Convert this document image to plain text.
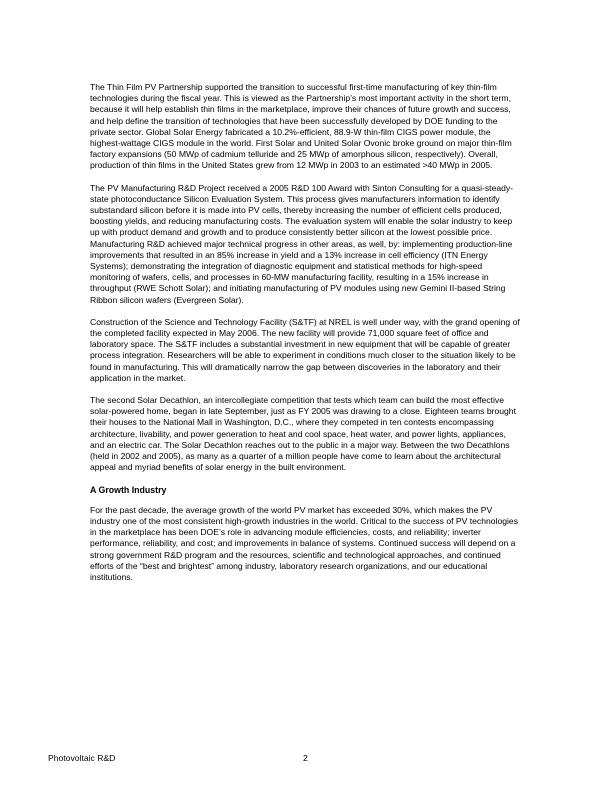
The Thin Film PV Partnership supported the transition to successful first-time manufacturing of key thin-film technologies during the fiscal year. This is viewed as the Partnership’s most important activity in the short term, because it will help establish thin films in the marketplace, improve their chances of future growth and success, and help define the transition of technologies that have been successfully developed by DOE funding to the private sector. Global Solar Energy fabricated a 10.2%-efficient, 88.9-W thin-film CIGS power module, the highest-wattage CIGS module in the world. First Solar and United Solar Ovonic broke ground on major thin-film factory expansions (50 MWp of cadmium telluride and 25 MWp of amorphous silicon, respectively). Overall, production of thin films in the United States grew from 12 MWp in 2003 to an estimated >40 MWp in 2005.

The PV Manufacturing R&D Project received a 2005 R&D 100 Award with Sinton Consulting for a quasi-steady-state photoconductance Silicon Evaluation System. This process gives manufacturers information to identify substandard silicon before it is made into PV cells, thereby increasing the number of efficient cells produced, boosting yields, and reducing manufacturing costs. The evaluation system will enable the solar industry to keep up with product demand and growth and to produce consistently better silicon at the lowest possible price. Manufacturing R&D achieved major technical progress in other areas, as well, by: implementing production-line improvements that resulted in an 85% increase in yield and a 13% increase in cell efficiency (ITN Energy Systems); demonstrating the integration of diagnostic equipment and statistical methods for high-speed monitoring of wafers, cells, and processes in 60-MW manufacturing facility, resulting in a 15% increase in throughput (RWE Schott Solar); and initiating manufacturing of PV modules using new Gemini II-based String Ribbon silicon wafers (Evergreen Solar).

Construction of the Science and Technology Facility (S&TF) at NREL is well under way, with the grand opening of the completed facility expected in May 2006. The new facility will provide 71,000 square feet of office and laboratory space. The S&TF includes a substantial investment in new equipment that will be capable of greater process integration. Researchers will be able to experiment in conditions much closer to the situation likely to be found in manufacturing. This will dramatically narrow the gap between discoveries in the laboratory and their application in the market.

The second Solar Decathlon, an intercollegiate competition that tests which team can build the most effective solar-powered home, began in late September, just as FY 2005 was drawing to a close. Eighteen teams brought their houses to the National Mall in Washington, D.C., where they competed in ten contests encompassing architecture, livability, and power generation to heat and cool space, heat water, and power lights, appliances, and an electric car. The Solar Decathlon reaches out to the public in a major way. Between the two Decathlons (held in 2002 and 2005), as many as a quarter of a million people have come to learn about the architectural appeal and myriad benefits of solar energy in the built environment.

A Growth Industry

For the past decade, the average growth of the world PV market has exceeded 30%, which makes the PV industry one of the most consistent high-growth industries in the world. Critical to the success of PV technologies in the marketplace has been DOE’s role in advancing module efficiencies, costs, and reliability; inverter performance, reliability, and cost; and improvements in balance of systems. Continued success will depend on a strong government R&D program and the resources, scientific and technological approaches, and continued efforts of the “best and brightest” among industry, laboratory research organizations, and our educational institutions.

Photovoltaic R&D	2
